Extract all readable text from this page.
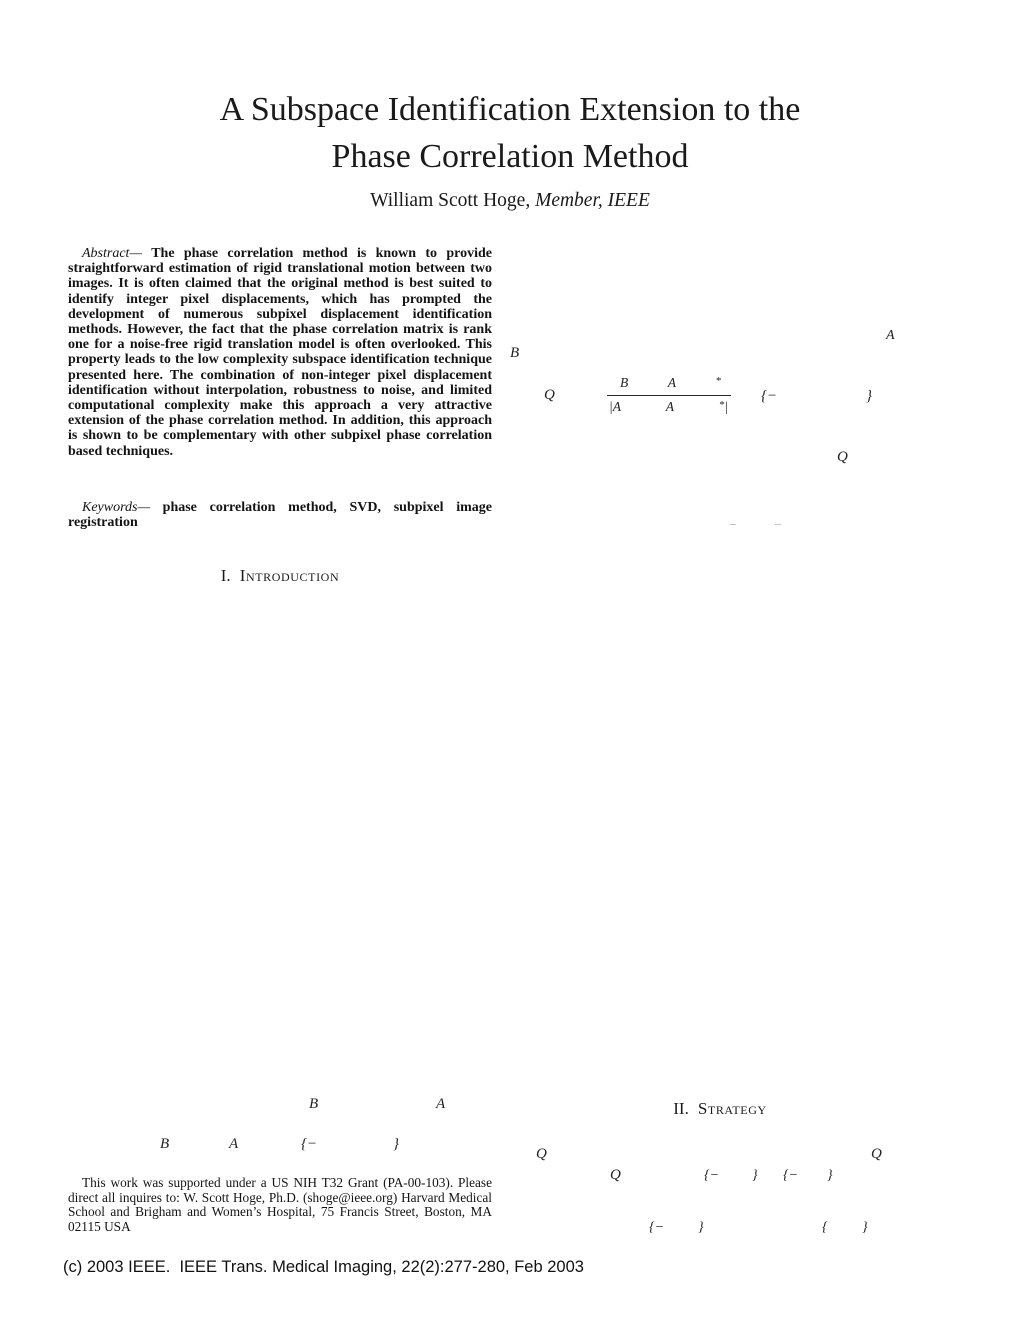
A Subspace Identification Extension to the
Phase Correlation Method
William Scott Hoge, Member, IEEE

Abstract— The phase correlation method is known to provide straightforward estimation of rigid translational motion between two images. It is often claimed that the original method is best suited to identify integer pixel displacements, which has prompted the development of numerous subpixel displacement identification methods. However, the fact that the phase correlation matrix is rank one for a noise-free rigid translation model is often overlooked. This property leads to the low complexity subspace identification technique presented here. The combination of non-integer pixel displacement identification without interpolation, robustness to noise, and limited computational complexity make this approach a very attractive extension of the phase correlation method. In addition, this approach is shown to be complementary with other subpixel phase correlation based techniques.

Keywords— phase correlation method, SVD, subpixel image registration

I. Introduction
A
B
Q	B	A	*
|A	A	* | {−	}
Q
−	−
B	A
B	A	{−	}
II. Strategy
Q	Q
Q	{− } {− }
{− }	{ }

This work was supported under a US NIH T32 Grant (PA-00-103). Please direct all inquires to: W. Scott Hoge, Ph.D. (shoge@ieee.org) Harvard Medical School and Brigham and Women’s Hospital, 75 Francis Street, Boston, MA 02115 USA

(c) 2003 IEEE.  IEEE Trans. Medical Imaging, 22(2):277-280, Feb 2003
